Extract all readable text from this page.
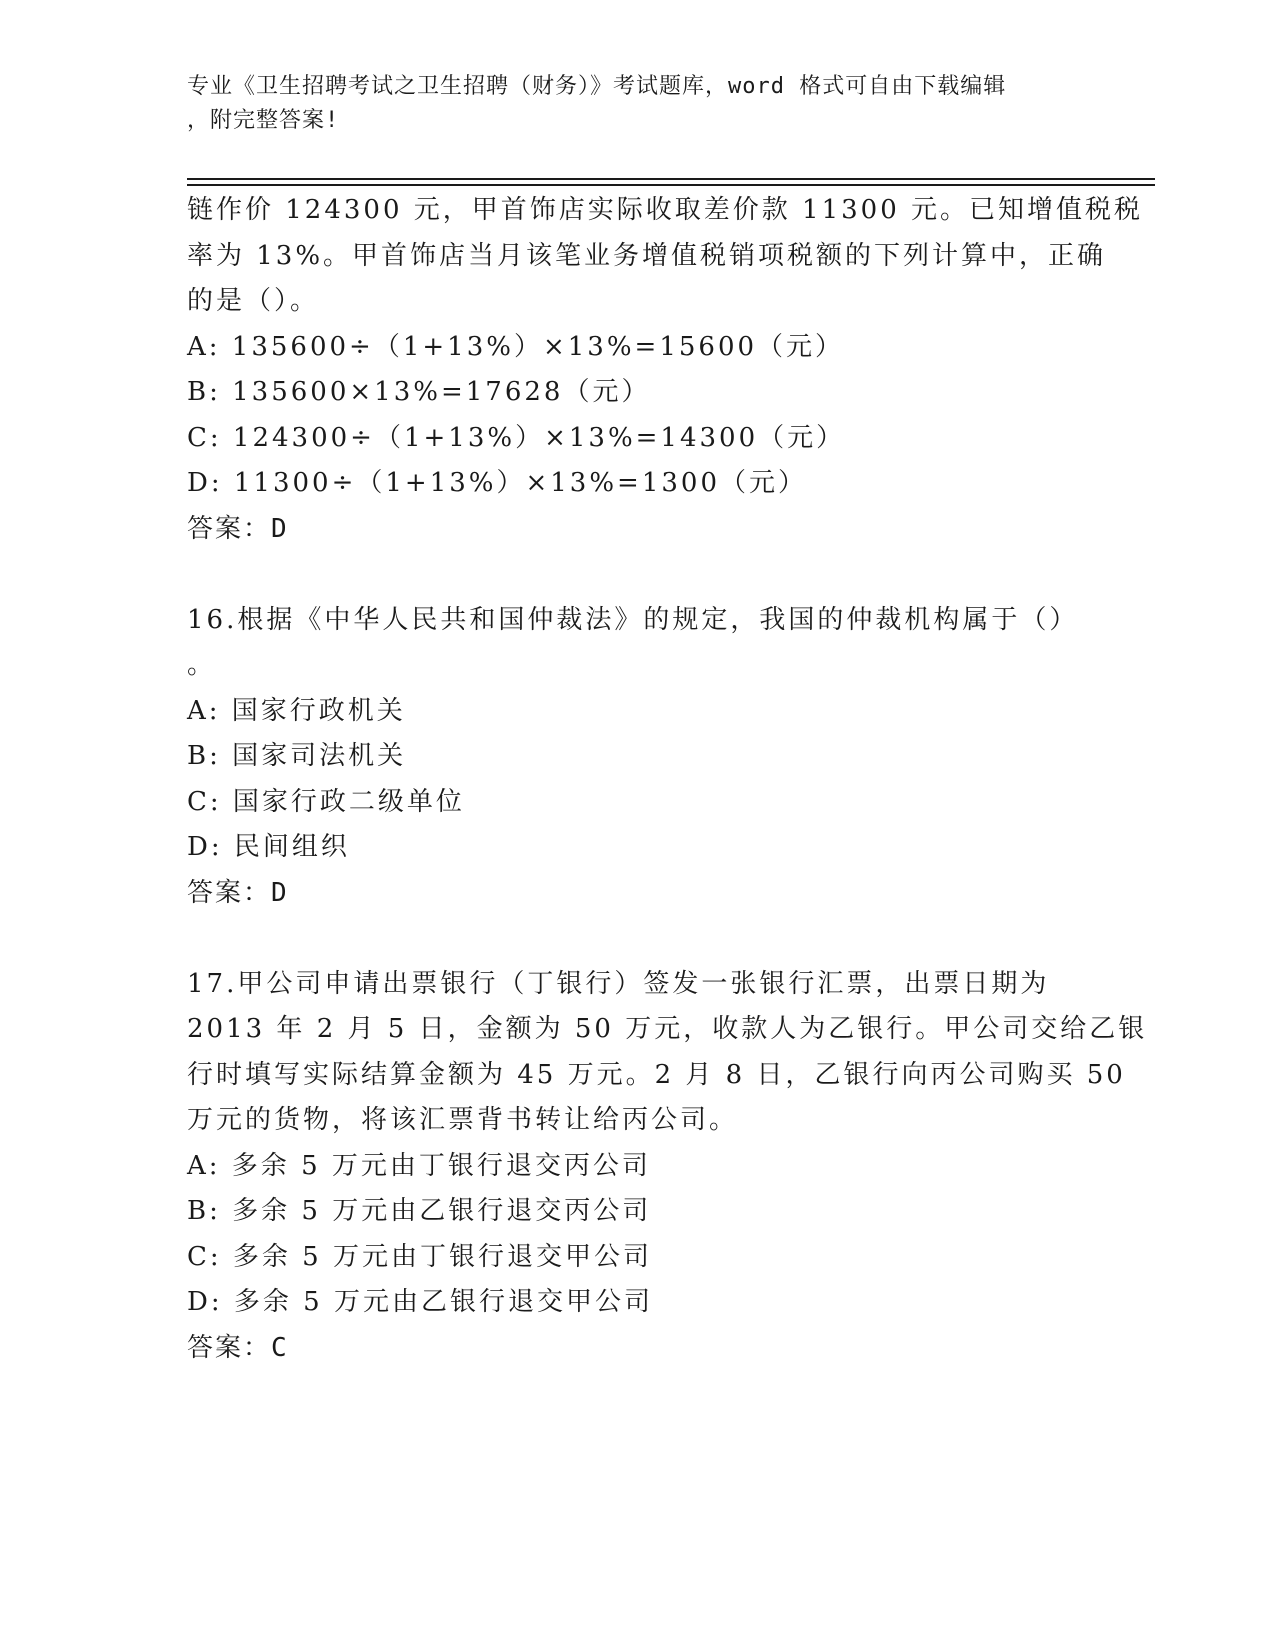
专业《卫生招聘考试之卫生招聘（财务）》考试题库，word 格式可自由下载编辑
，附完整答案!
链作价 124300 元，甲首饰店实际收取差价款 11300 元。已知增值税税
率为 13%。甲首饰店当月该笔业务增值税销项税额的下列计算中，正确
的是（）。
A: 135600÷（1+13%）×13%=15600（元）
B: 135600×13%=17628（元）
C: 124300÷（1+13%）×13%=14300（元）
D: 11300÷（1+13%）×13%=1300（元）
答案：D
16.根据《中华人民共和国仲裁法》的规定，我国的仲裁机构属于（）
。
A: 国家行政机关
B: 国家司法机关
C: 国家行政二级单位
D: 民间组织
答案：D
17.甲公司申请出票银行（丁银行）签发一张银行汇票，出票日期为
2013 年 2 月 5 日，金额为 50 万元，收款人为乙银行。甲公司交给乙银
行时填写实际结算金额为 45 万元。2 月 8 日，乙银行向丙公司购买 50
万元的货物，将该汇票背书转让给丙公司。
A: 多余 5 万元由丁银行退交丙公司
B: 多余 5 万元由乙银行退交丙公司
C: 多余 5 万元由丁银行退交甲公司
D: 多余 5 万元由乙银行退交甲公司
答案：C
